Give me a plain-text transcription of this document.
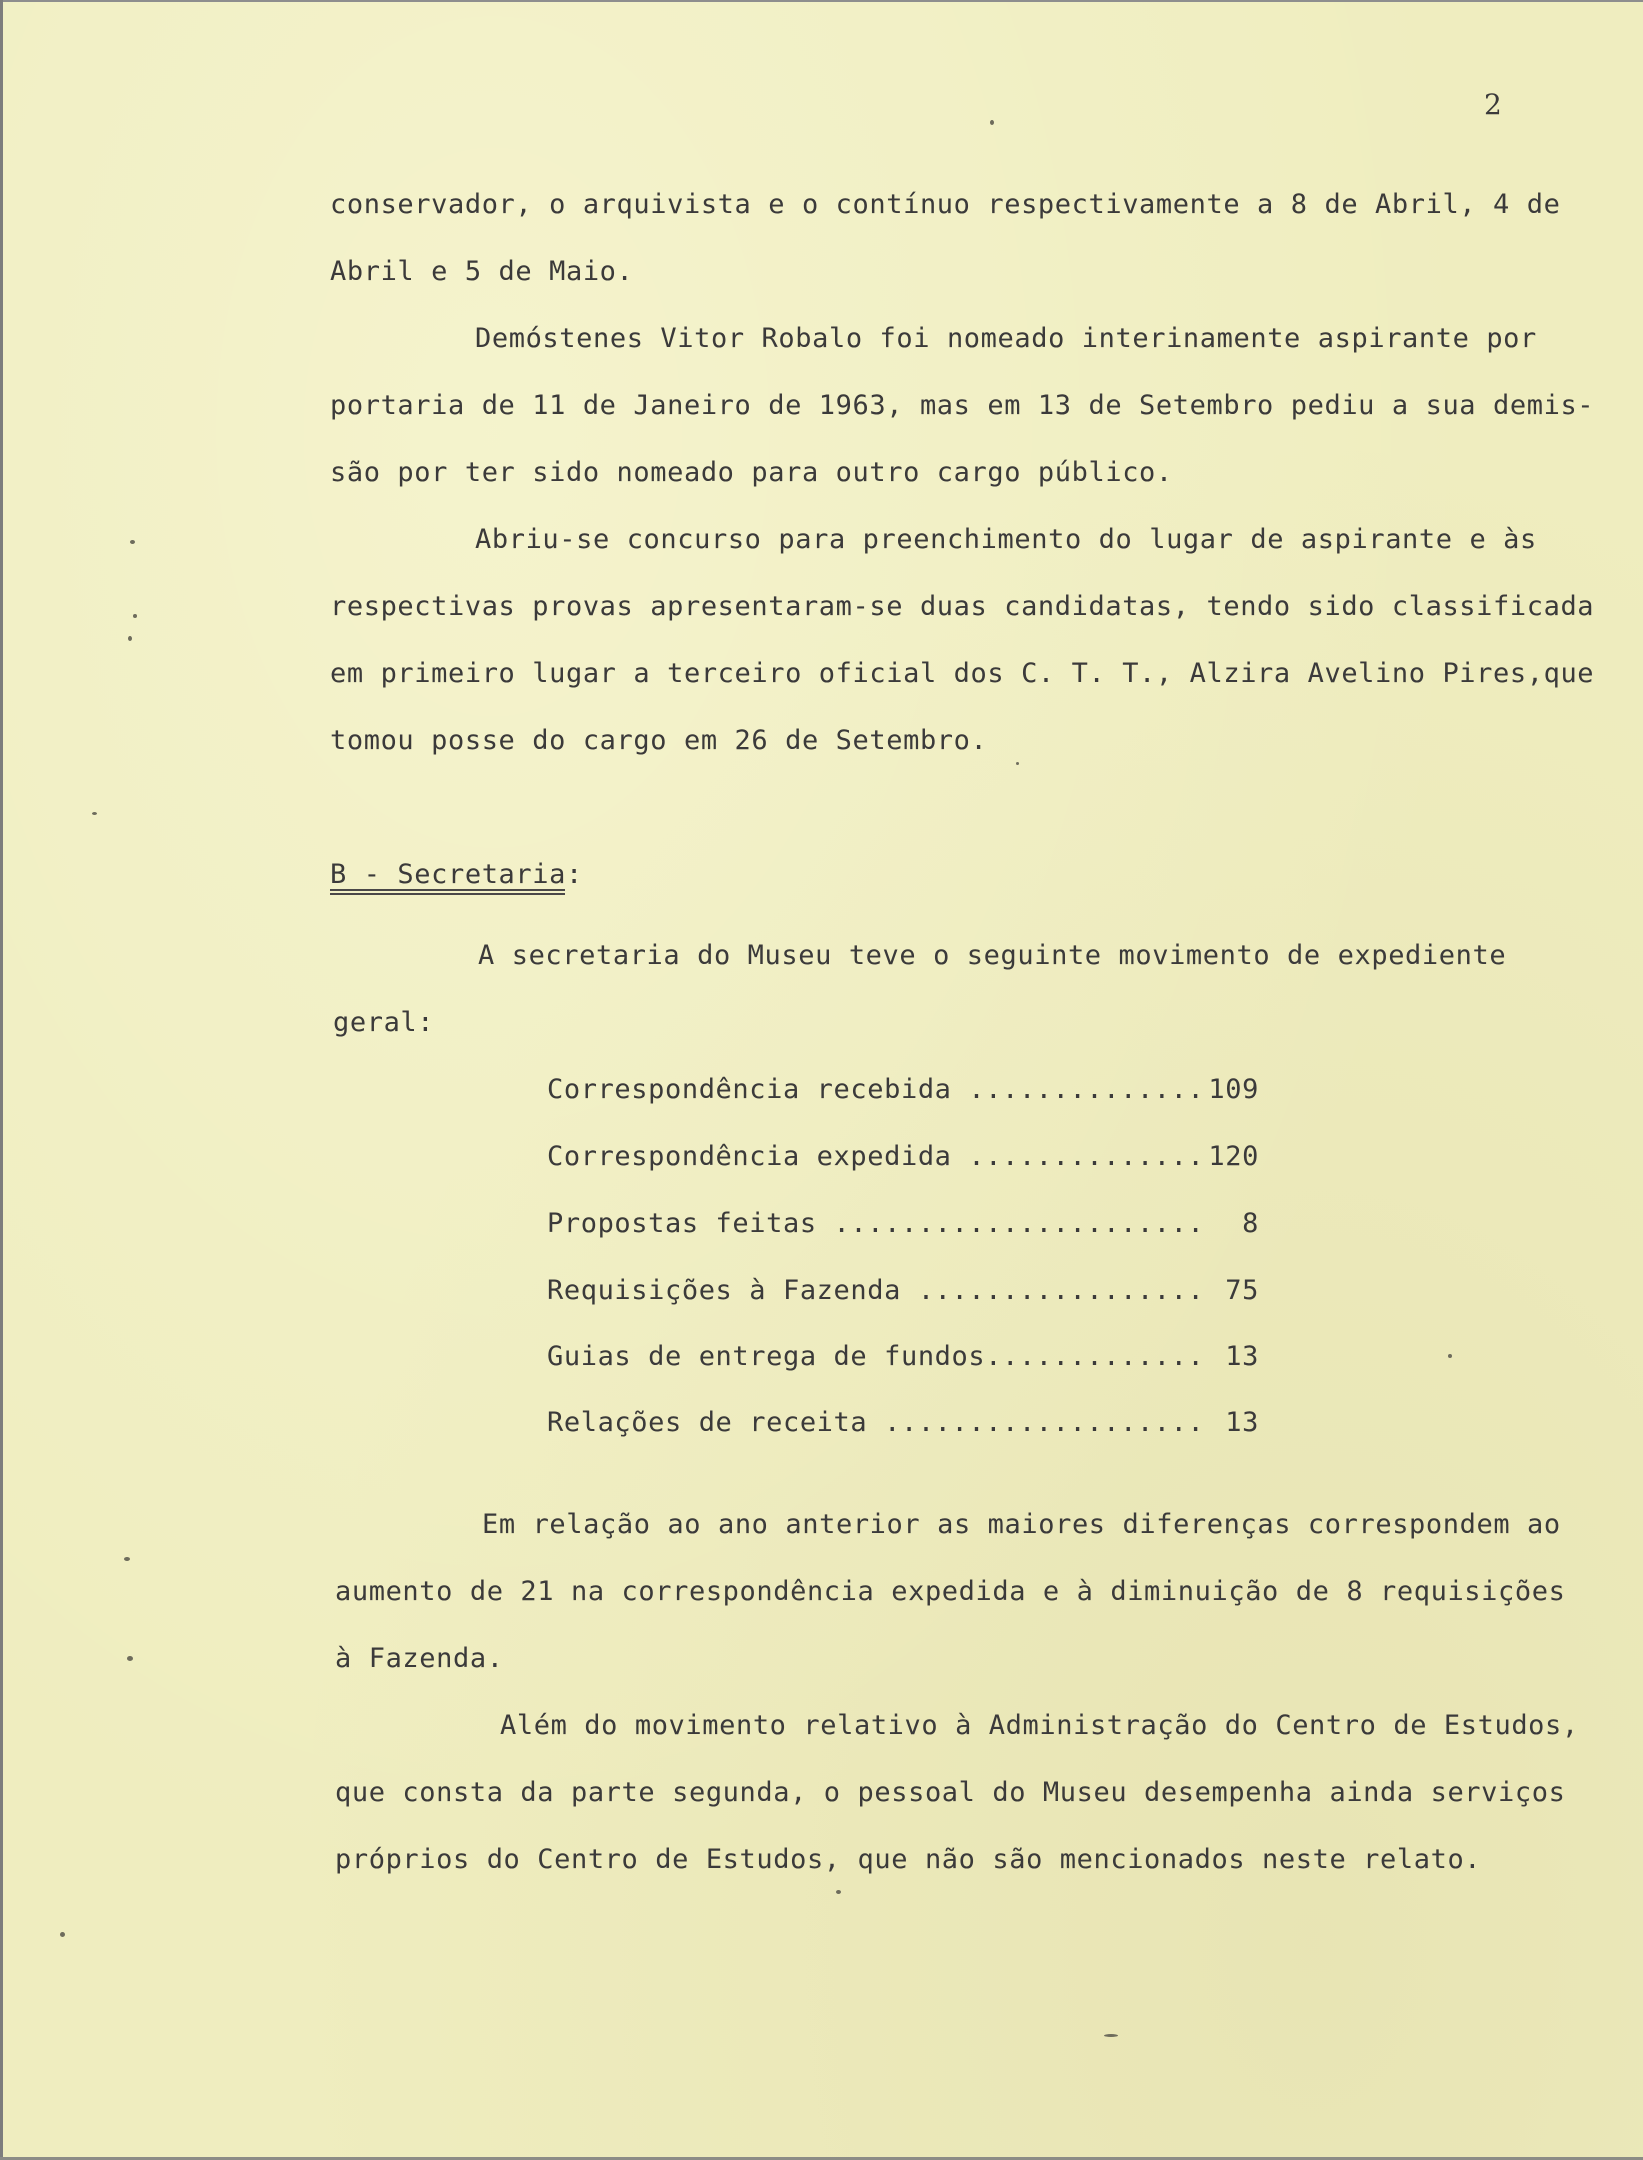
2
conservador, o arquivista e o contínuo respectivamente a 8 de Abril, 4 de
Abril e 5 de Maio.
Demóstenes Vitor Robalo foi nomeado interinamente aspirante por
portaria de 11 de Janeiro de 1963, mas em 13 de Setembro pediu a sua demis-
são por ter sido nomeado para outro cargo público.
Abriu-se concurso para preenchimento do lugar de aspirante e às
respectivas provas apresentaram-se duas candidatas, tendo sido classificada
em primeiro lugar a terceiro oficial dos C. T. T., Alzira Avelino Pires,que
tomou posse do cargo em 26 de Setembro.
B - Secretaria:
A secretaria do Museu teve o seguinte movimento de expediente
geral:
Correspondência recebida .............. 109
Correspondência expedida .............. 120
Propostas feitas ...................... 8
Requisições à Fazenda ................. 75
Guias de entrega de fundos............. 13
Relações de receita ................... 13
Em relação ao ano anterior as maiores diferenças correspondem ao
aumento de 21 na correspondência expedida e à diminuição de 8 requisições
à Fazenda.
Além do movimento relativo à Administração do Centro de Estudos,
que consta da parte segunda, o pessoal do Museu desempenha ainda serviços
próprios do Centro de Estudos, que não são mencionados neste relato.
